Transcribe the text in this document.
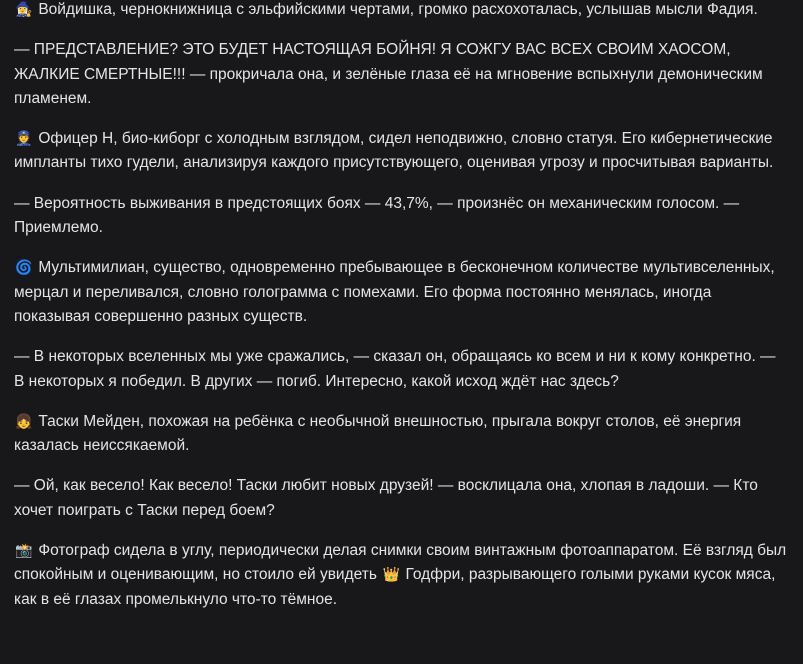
🧙‍♀️ Войдишка, чернокнижница с эльфийскими чертами, громко расхохоталась, услышав мысли Фадия.

— ПРЕДСТАВЛЕНИЕ? ЭТО БУДЕТ НАСТОЯЩАЯ БОЙНЯ! Я СОЖГУ ВАС ВСЕХ СВОИМ ХАОСОМ, ЖАЛКИЕ СМЕРТНЫЕ!!! — прокричала она, и зелёные глаза её на мгновение вспыхнули демоническим пламенем.

👮 Офицер Н, био-киборг с холодным взглядом, сидел неподвижно, словно статуя. Его кибернетические импланты тихо гудели, анализируя каждого присутствующего, оценивая угрозу и просчитывая варианты.

— Вероятность выживания в предстоящих боях — 43,7%, — произнёс он механическим голосом. — Приемлемо.

🌀 Мультимилиан, существо, одновременно пребывающее в бесконечном количестве мультивселенных, мерцал и переливался, словно голограмма с помехами. Его форма постоянно менялась, иногда показывая совершенно разных существ.

— В некоторых вселенных мы уже сражались, — сказал он, обращаясь ко всем и ни к кому конкретно. — В некоторых я победил. В других — погиб. Интересно, какой исход ждёт нас здесь?

👧 Таски Мейден, похожая на ребёнка с необычной внешностью, прыгала вокруг столов, её энергия казалась неиссякаемой.

— Ой, как весело! Как весело! Таски любит новых друзей! — восклицала она, хлопая в ладоши. — Кто хочет поиграть с Таски перед боем?

📸 Фотограф сидела в углу, периодически делая снимки своим винтажным фотоаппаратом. Её взгляд был спокойным и оценивающим, но стоило ей увидеть 👑 Годфри, разрывающего голыми руками кусок мяса, как в её глазах промелькнуло что-то тёмное.
